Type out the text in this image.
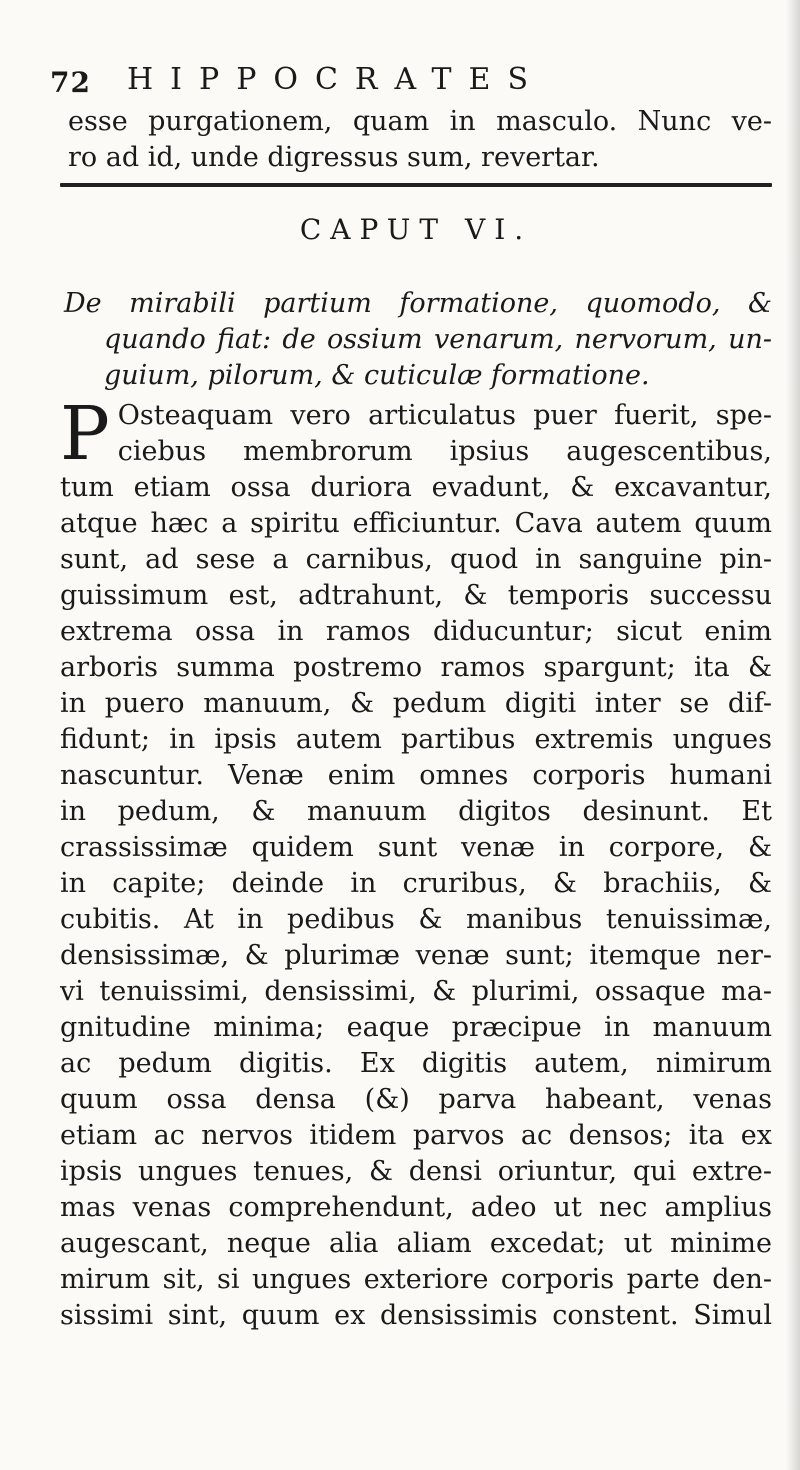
72 HIPPOCRATES
esse purgationem, quam in masculo. Nunc ve-
ro ad id, unde digressus sum, revertar.
CAPUT VI.
De mirabili partium formatione, quomodo, &
quando fiat: de ossium venarum, nervorum, un-
guium, pilorum, & cuticulæ formatione.
P Osteaquam vero articulatus puer fuerit, spe-
ciebus membrorum ipsius augescentibus,
tum etiam ossa duriora evadunt, & excavantur,
atque hæc a spiritu efficiuntur. Cava autem quum
sunt, ad sese a carnibus, quod in sanguine pin-
guissimum est, adtrahunt, & temporis successu
extrema ossa in ramos diducuntur; sicut enim
arboris summa postremo ramos spargunt; ita &
in puero manuum, & pedum digiti inter se dif-
fidunt; in ipsis autem partibus extremis ungues
nascuntur. Venæ enim omnes corporis humani
in pedum, & manuum digitos desinunt. Et
crassissimæ quidem sunt venæ in corpore, &
in capite; deinde in cruribus, & brachiis, &
cubitis. At in pedibus & manibus tenuissimæ,
densissimæ, & plurimæ venæ sunt; itemque ner-
vi tenuissimi, densissimi, & plurimi, ossaque ma-
gnitudine minima; eaque præcipue in manuum
ac pedum digitis. Ex digitis autem, nimirum
quum ossa densa (&) parva habeant, venas
etiam ac nervos itidem parvos ac densos; ita ex
ipsis ungues tenues, & densi oriuntur, qui extre-
mas venas comprehendunt, adeo ut nec amplius
augescant, neque alia aliam excedat; ut minime
mirum sit, si ungues exteriore corporis parte den-
sissimi sint, quum ex densissimis constent. Simul
